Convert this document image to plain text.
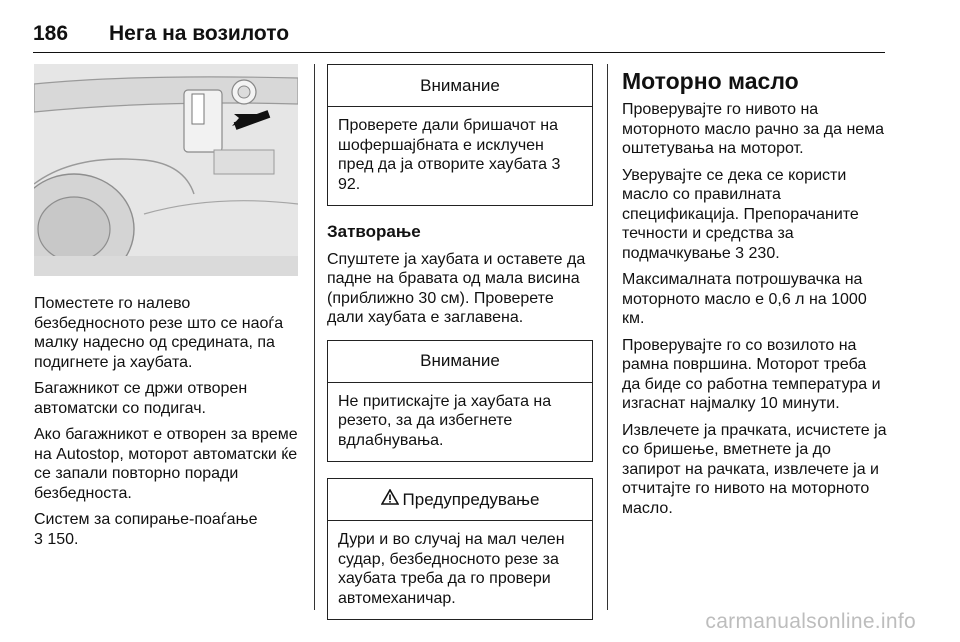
186 Нега на возилото

Поместете го налево безбедносното резе што се наоѓа малку надесно од средината, па подигнете ја хаубата.

Багажникот се држи отворен автоматски со подигач.

Ако багажникот е отворен за време на Autostop, моторот автоматски ќе се запали повторно поради безбедноста.

Систем за сопирање-поаѓање

3 150.

Внимание
Проверете дали бришачот на шофершајбната е исклучен пред да ја отворите хаубата 3 92.
Затворање

Спуштете ја хаубата и оставете да падне на бравата од мала висина (приближно 30 см). Проверете дали хаубата е заглавена.

Внимание
Не притискајте ја хаубата на резето, за да избегнете вдлабнувања.
Предупредување
Дури и во случај на мал челен судар, безбедносното резе за хаубата треба да го провери автомеханичар.
Моторно масло

Проверувајте го нивото на моторното масло рачно за да нема оштетувања на моторот.

Уверувајте се дека се користи масло со правилната спецификација. Препорачаните течности и средства за подмачкување 3 230.

Максималната потрошувачка на моторното масло е 0,6 л на 1000 км.

Проверувајте го со возилото на рамна површина. Моторот треба да биде со работна температура и изгаснат најмалку 10 минути.

Извлечете ја прачката, исчистете ја со бришење, вметнете ја до запирот на рачката, извлечете ја и отчитајте го нивото на моторното масло.

carmanualsonline.info
